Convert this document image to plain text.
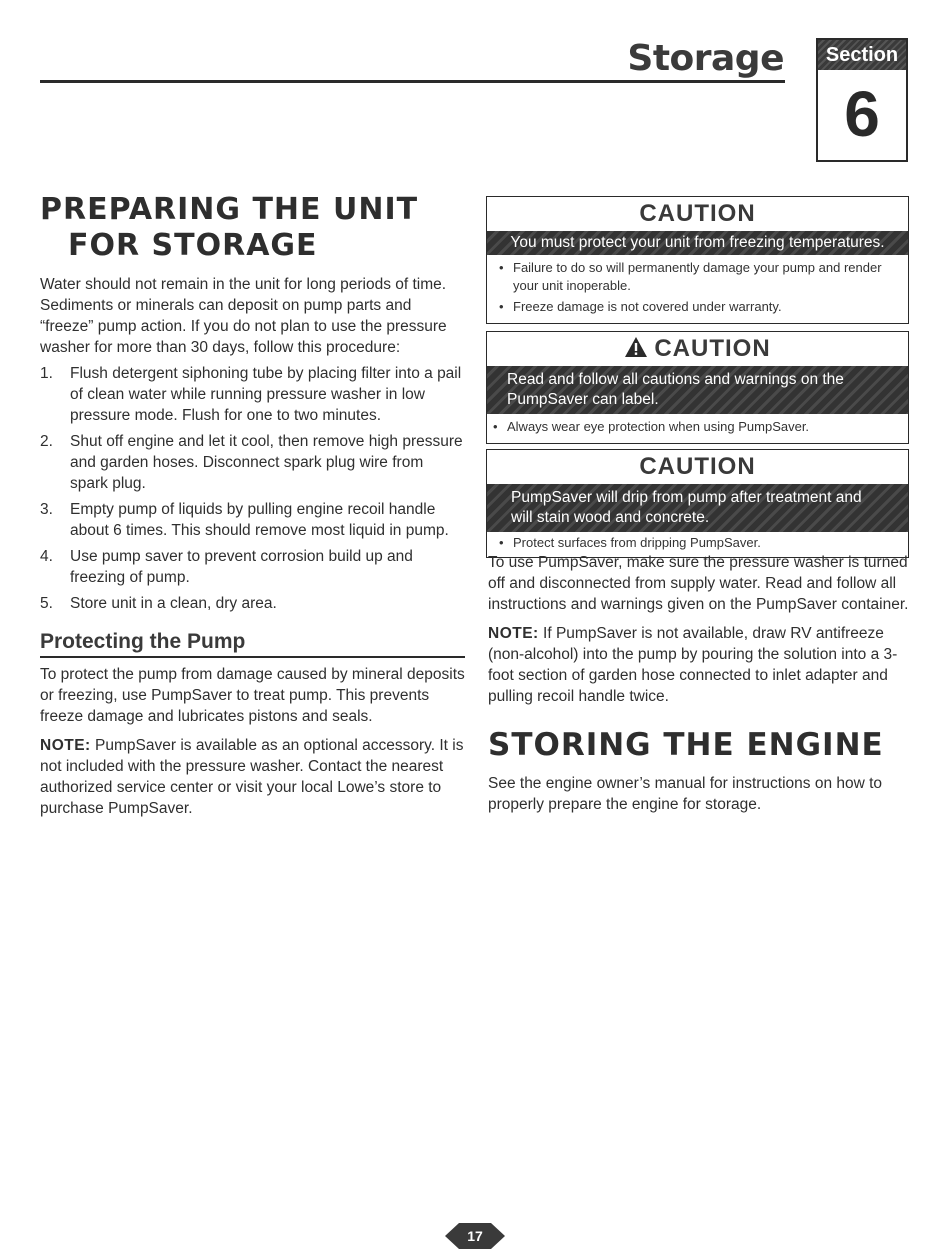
Storage	Section
6
PREPARING THE UNIT
FOR STORAGE
Water should not remain in the unit for long periods of time. Sediments or minerals can deposit on pump parts and “freeze” pump action. If you do not plan to use the pressure washer for more than 30 days, follow this procedure:
1. Flush detergent siphoning tube by placing filter into a pail of clean water while running pressure washer in low pressure mode. Flush for one to two minutes.
2. Shut off engine and let it cool, then remove high pressure and garden hoses. Disconnect spark plug wire from spark plug.
3. Empty pump of liquids by pulling engine recoil handle about 6 times. This should remove most liquid in pump.
4. Use pump saver to prevent corrosion build up and freezing of pump.
5. Store unit in a clean, dry area.
Protecting the Pump
To protect the pump from damage caused by mineral deposits or freezing, use PumpSaver to treat pump. This prevents freeze damage and lubricates pistons and seals.
NOTE: PumpSaver is available as an optional accessory. It is not included with the pressure washer. Contact the nearest authorized service center or visit your local Lowe’s store to purchase PumpSaver.
CAUTION
You must protect your unit from freezing temperatures.
• Failure to do so will permanently damage your pump and render your unit inoperable.
• Freeze damage is not covered under warranty.
CAUTION
Read and follow all cautions and warnings on the PumpSaver can label.
• Always wear eye protection when using PumpSaver.
CAUTION
PumpSaver will drip from pump after treatment and will stain wood and concrete.
• Protect surfaces from dripping PumpSaver.
To use PumpSaver, make sure the pressure washer is turned off and disconnected from supply water. Read and follow all instructions and warnings given on the PumpSaver container.
NOTE: If PumpSaver is not available, draw RV antifreeze (non-alcohol) into the pump by pouring the solution into a 3-foot section of garden hose connected to inlet adapter and pulling recoil handle twice.
STORING THE ENGINE
See the engine owner’s manual for instructions on how to properly prepare the engine for storage.
17
